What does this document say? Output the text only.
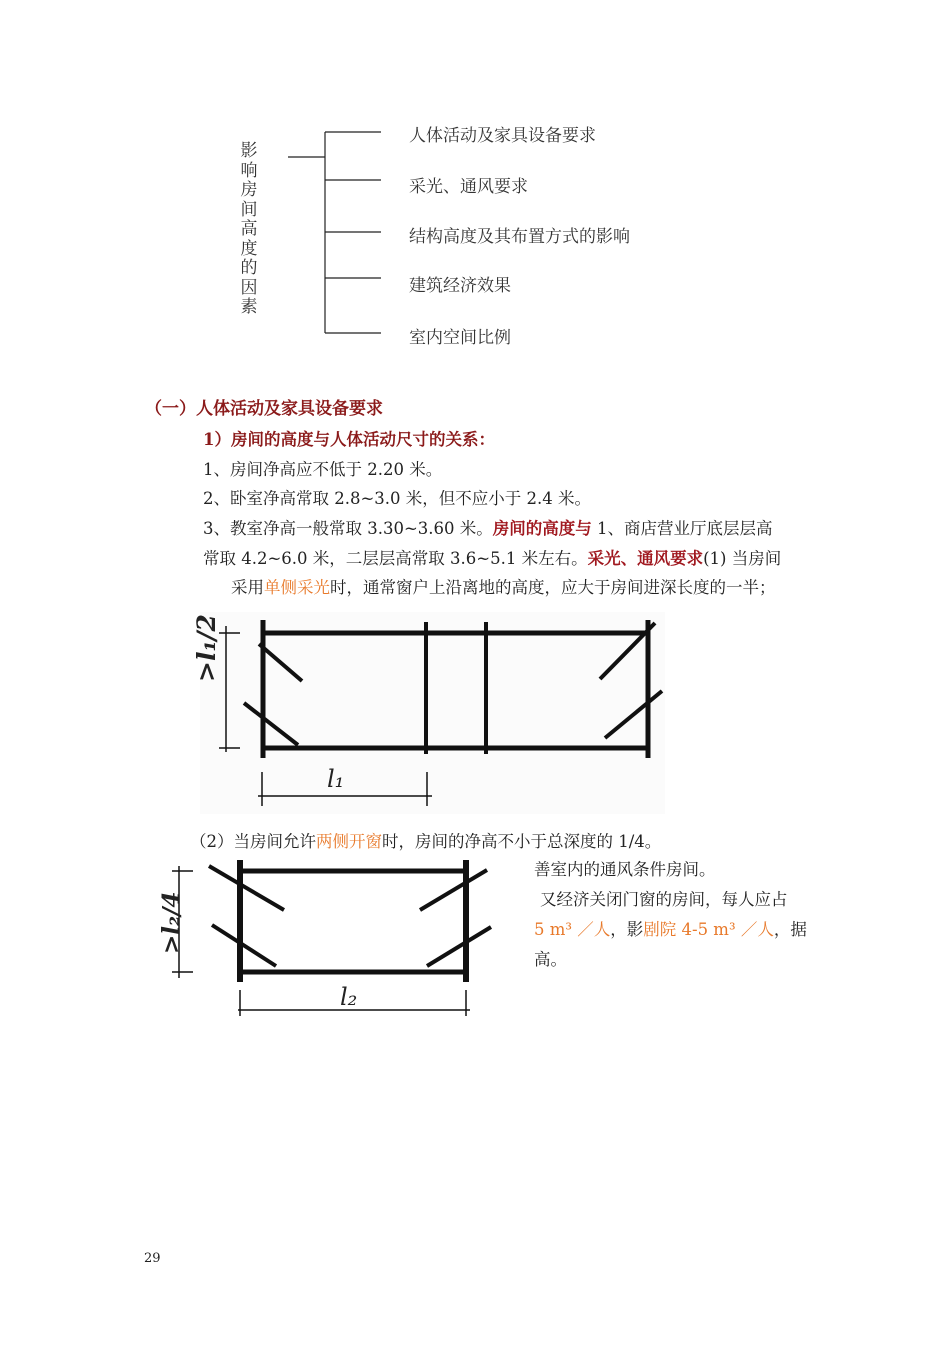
影响房间高度的因素
人体活动及家具设备要求
采光、通风要求
结构高度及其布置方式的影响
建筑经济效果
室内空间比例
（一）人体活动及家具设备要求
1）房间的高度与人体活动尺寸的关系：
1、房间净高应不低于 2.20 米。
2、卧室净高常取 2.8~3.0 米，但不应小于 2.4 米。
3、教室净高一般常取 3.30~3.60 米。房间的高度与 1、商店营业厅底层层高
常取 4.2~6.0 米，二层层高常取 3.6~5.1 米左右。采光、通风要求(1) 当房间
采用单侧采光时，通常窗户上沿离地的高度，应大于房间进深长度的一半；
>l₁/2
l₁
（2）当房间允许两侧开窗时，房间的净高不小于总深度的 1/4。
>l₂/4
l₂
善室内的通风条件房间。
又经济关闭门窗的房间，每人应占
5 m³ ／人，影剧院 4-5 m³ ／人，据
高。
29
